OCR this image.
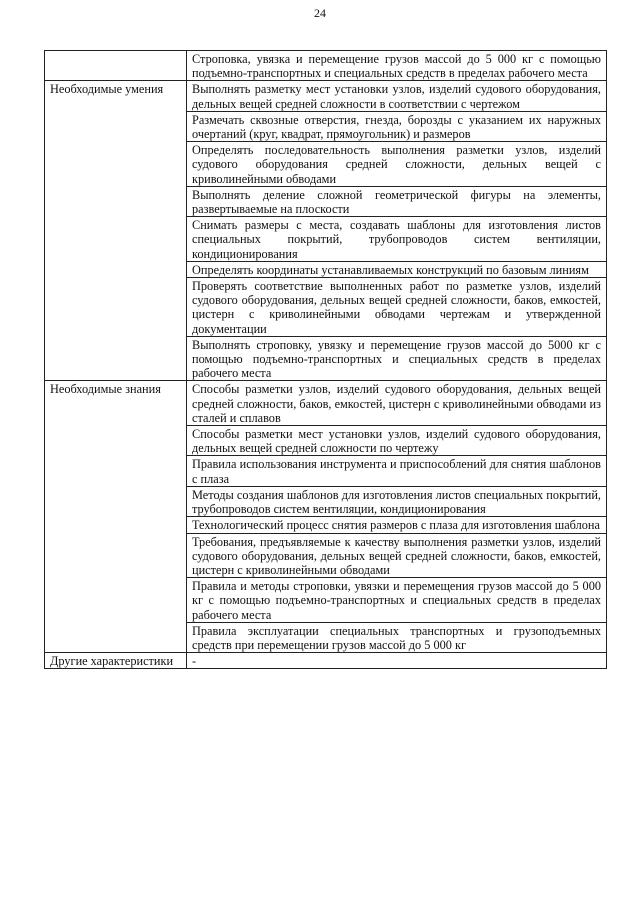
24
	Строповка, увязка и перемещение грузов массой до 5 000 кг с помощью подъемно-транспортных и специальных средств в пределах рабочего места
Необходимые умения	Выполнять разметку мест установки узлов, изделий судового оборудования, дельных вещей средней сложности в соответствии с чертежом
	Размечать сквозные отверстия, гнезда, борозды с указанием их наружных очертаний (круг, квадрат, прямоугольник) и размеров
	Определять последовательность выполнения разметки узлов, изделий судового оборудования средней сложности, дельных вещей с криволинейными обводами
	Выполнять деление сложной геометрической фигуры на элементы, развертываемые на плоскости
	Снимать размеры с места, создавать шаблоны для изготовления листов специальных покрытий, трубопроводов систем вентиляции, кондиционирования
	Определять координаты устанавливаемых конструкций по базовым линиям
	Проверять соответствие выполненных работ по разметке узлов, изделий судового оборудования, дельных вещей средней сложности, баков, емкостей, цистерн с криволинейными обводами чертежам и утвержденной документации
	Выполнять строповку, увязку и перемещение грузов массой до 5000 кг с помощью подъемно-транспортных и специальных средств в пределах рабочего места
Необходимые знания	Способы разметки узлов, изделий судового оборудования, дельных вещей средней сложности, баков, емкостей, цистерн с криволинейными обводами из сталей и сплавов
	Способы разметки мест установки узлов, изделий судового оборудования, дельных вещей средней сложности по чертежу
	Правила использования инструмента и приспособлений для снятия шаблонов с плаза
	Методы создания шаблонов для изготовления листов специальных покрытий, трубопроводов систем вентиляции, кондиционирования
	Технологический процесс снятия размеров с плаза для изготовления шаблона
	Требования, предъявляемые к качеству выполнения разметки узлов, изделий судового оборудования, дельных вещей средней сложности, баков, емкостей, цистерн с криволинейными обводами
	Правила и методы строповки, увязки и перемещения грузов массой до 5 000 кг с помощью подъемно-транспортных и специальных средств в пределах рабочего места
	Правила эксплуатации специальных транспортных и грузоподъемных средств при перемещении грузов массой до 5 000 кг
Другие характеристики	-
